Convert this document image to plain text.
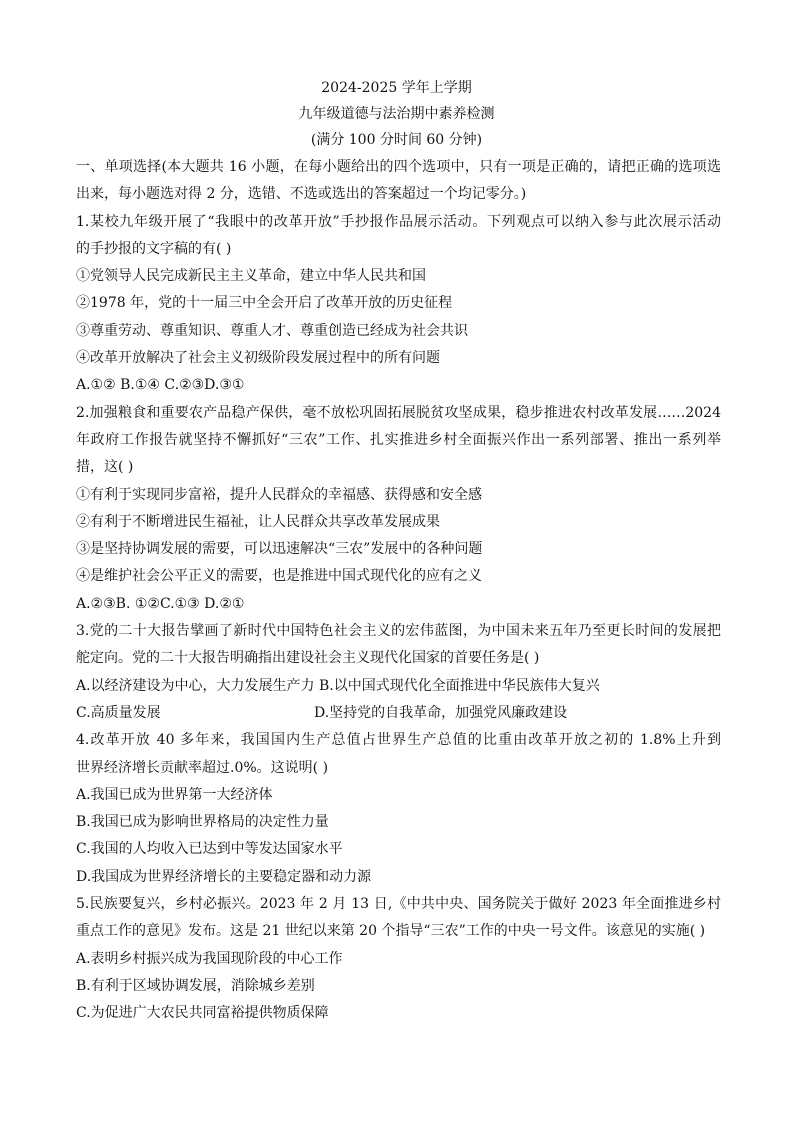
2024-2025 学年上学期
九年级道德与法治期中素养检测
(满分 100 分时间 60 分钟)
一、单项选择(本大题共 16 小题，在每小题给出的四个选项中，只有一项是正确的，请把正确的选项选
出来，每小题选对得 2 分，选错、不选或选出的答案超过一个均记零分。)
1.某校九年级开展了“我眼中的改革开放”手抄报作品展示活动。下列观点可以纳入参与此次展示活动
的手抄报的文字稿的有( )
①党领导人民完成新民主主义革命，建立中华人民共和国
②1978 年，党的十一届三中全会开启了改革开放的历史征程
③尊重劳动、尊重知识、尊重人才、尊重创造已经成为社会共识
④改革开放解决了社会主义初级阶段发展过程中的所有问题
A.①② B.①④ C.②③D.③①
2.加强粮食和重要农产品稳产保供，毫不放松巩固拓展脱贫攻坚成果，稳步推进农村改革发展……2024
年政府工作报告就坚持不懈抓好“三农”工作、扎实推进乡村全面振兴作出一系列部署、推出一系列举
措，这( )
①有利于实现同步富裕，提升人民群众的幸福感、获得感和安全感
②有利于不断增进民生福祉，让人民群众共享改革发展成果
③是坚持协调发展的需要，可以迅速解决“三农”发展中的各种问题
④是维护社会公平正义的需要，也是推进中国式现代化的应有之义
A.②③B. ①②C.①③ D.②①
3.党的二十大报告擘画了新时代中国特色社会主义的宏伟蓝图，为中国未来五年乃至更长时间的发展把
舵定向。党的二十大报告明确指出建设社会主义现代化国家的首要任务是( )
A.以经济建设为中心，大力发展生产力 B.以中国式现代化全面推进中华民族伟大复兴
C.高质量发展	D.坚持党的自我革命，加强党风廉政建设
4.改革开放 40 多年来，我国国内生产总值占世界生产总值的比重由改革开放之初的 1.8%上升到
世界经济增长贡献率超过.0%。这说明( )
A.我国已成为世界第一大经济体
B.我国已成为影响世界格局的决定性力量
C.我国的人均收入已达到中等发达国家水平
D.我国成为世界经济增长的主要稳定器和动力源
5.民族要复兴，乡村必振兴。2023 年 2 月 13 日,《中共中央、国务院关于做好 2023 年全面推进乡村
重点工作的意见》发布。这是 21 世纪以来第 20 个指导“三农”工作的中央一号文件。该意见的实施( )
A.表明乡村振兴成为我国现阶段的中心工作
B.有利于区域协调发展，消除城乡差别
C.为促进广大农民共同富裕提供物质保障
